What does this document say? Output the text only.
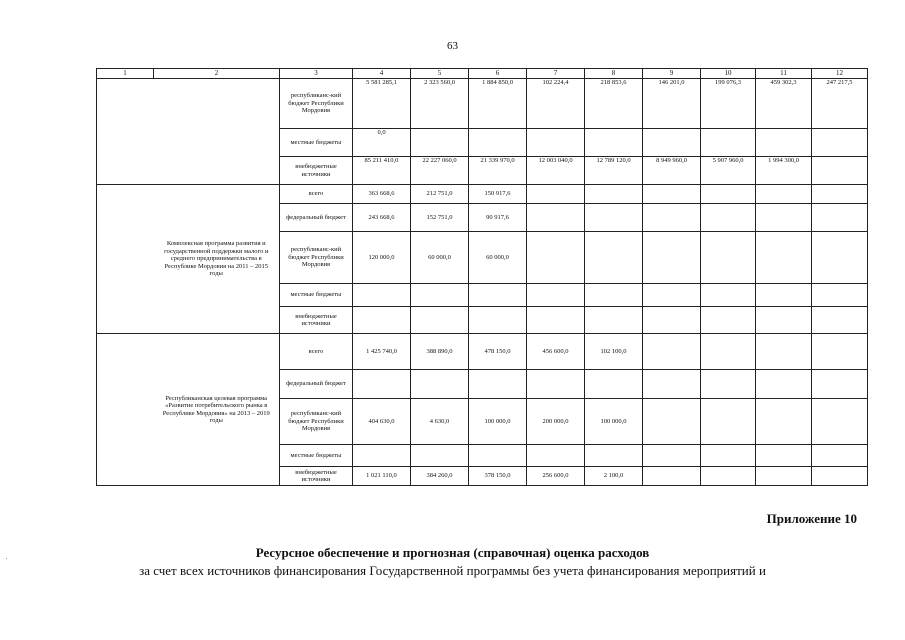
63
1	2	3	4	5	6	7	8	9	10	11	12
		республиканс-кий бюджет Республики Мордовия	5 581 285,1	2 323 560,0	1 884 850,0	102 224,4	218 853,6	146 201,0	199 076,3	459 302,3	247 217,5
		местные бюджеты	0,0								
		внебюджетные источники	85 211 410,0	22 227 060,0	21 339 970,0	12 003 040,0	12 789 120,0	8 949 960,0	5 907 960,0	1 994 300,0	
	Комплексная программа развития и государственной поддержки малого и среднего предпринимательства в Республике Мордовия на 2011 – 2015 годы	всего	363 668,6	212 751,0	150 917,6						
		федеральный бюджет	243 668,6	152 751,0	90 917,6						
		республиканс-кий бюджет Республики Мордовия	120 000,0	60 000,0	60 000,0						
		местные бюджеты									
		внебюджетные источники									
	Республиканская целевая программа «Развитие потребительского рынка в Республике Мордовия» на 2013 – 2019 годы	всего	1 425 740,0	388 890,0	478 150,0	456 600,0	102 100,0				
		федеральный бюджет									
		республиканс-кий бюджет Республики Мордовия	404 630,0	4 630,0	100 000,0	200 000,0	100 000,0				
		местные бюджеты									
		внебюджетные источники	1 021 110,0	384 260,0	378 150,0	256 600,0	2 100,0				
Приложение 10
Ресурсное обеспечение и прогнозная (справочная) оценка расходов
за счет всех источников финансирования Государственной программы без учета финансирования мероприятий и
